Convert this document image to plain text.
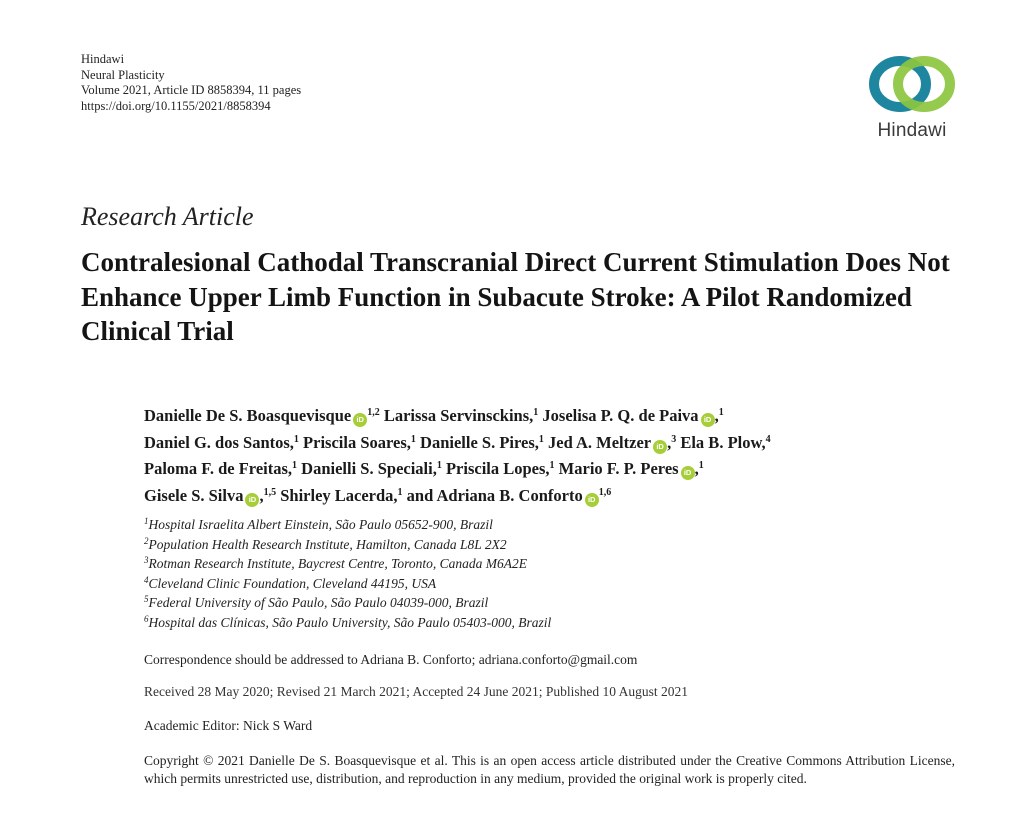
Hindawi
Neural Plasticity
Volume 2021, Article ID 8858394, 11 pages
https://doi.org/10.1155/2021/8858394
Hindawi
Research Article
Contralesional Cathodal Transcranial Direct Current Stimulation Does Not Enhance Upper Limb Function in Subacute Stroke: A Pilot Randomized Clinical Trial
Danielle De S. Boasquevisque iD$^{1,2}$ Larissa Servinsckins,$^1$ Joselisa P. Q. de Paiva iD ,$^1$
Daniel G. dos Santos,$^1$ Priscila Soares,$^1$ Danielle S. Pires,$^1$ Jed A. Meltzer iD ,$^3$ Ela B. Plow,$^4$
Paloma F. de Freitas,$^1$ Danielli S. Speciali,$^1$ Priscila Lopes,$^1$ Mario F. P. Peres iD ,$^1$
Gisele S. Silva iD ,$^{1,5}$ Shirley Lacerda,$^1$ and Adriana B. Conforto iD$^{1,6}$
$^1$Hospital Israelita Albert Einstein, São Paulo 05652-900, Brazil
$^2$Population Health Research Institute, Hamilton, Canada L8L 2X2
$^3$Rotman Research Institute, Baycrest Centre, Toronto, Canada M6A2E
$^4$Cleveland Clinic Foundation, Cleveland 44195, USA
$^5$Federal University of São Paulo, São Paulo 04039-000, Brazil
$^6$Hospital das Clínicas, São Paulo University, São Paulo 05403-000, Brazil
Correspondence should be addressed to Adriana B. Conforto; adriana.conforto@gmail.com
Received 28 May 2020; Revised 21 March 2021; Accepted 24 June 2021; Published 10 August 2021
Academic Editor: Nick S Ward
Copyright © 2021 Danielle De S. Boasquevisque et al. This is an open access article distributed under the Creative Commons Attribution License, which permits unrestricted use, distribution, and reproduction in any medium, provided the original work is properly cited.
